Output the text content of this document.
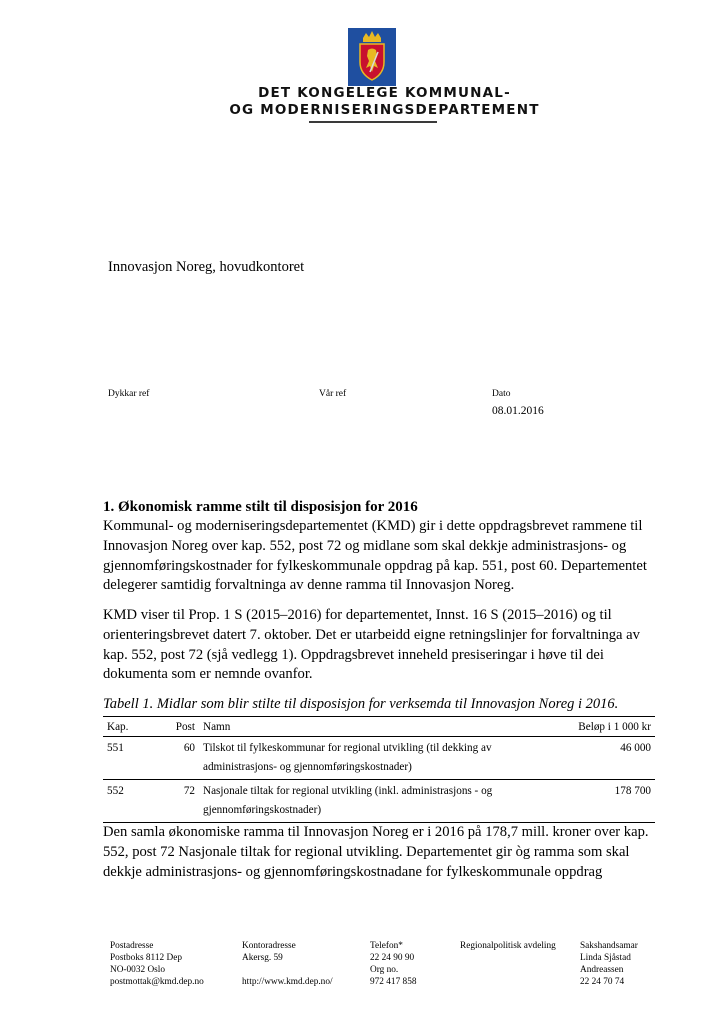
DET KONGELEGE KOMMUNAL-
OG MODERNISERINGSDEPARTEMENT
Innovasjon Noreg, hovudkontoret
Dykkar ref	Vår ref	Dato
08.01.2016
1. Økonomisk ramme stilt til disposisjon for 2016

Kommunal- og moderniseringsdepartementet (KMD) gir i dette oppdragsbrevet rammene til Innovasjon Noreg over kap. 552, post 72 og midlane som skal dekkje administrasjons- og gjennomføringskostnader for fylkeskommunale oppdrag på kap. 551, post 60. Departementet delegerer samtidig forvaltninga av denne ramma til Innovasjon Noreg.

KMD viser til Prop. 1 S (2015–2016) for departementet, Innst. 16 S (2015–2016) og til orienteringsbrevet datert 7. oktober. Det er utarbeidd eigne retningslinjer for forvaltninga av kap. 552, post 72 (sjå vedlegg 1). Oppdragsbrevet inneheld presiseringar i høve til dei dokumenta som er nemnde ovanfor.

Tabell 1. Midlar som blir stilte til disposisjon for verksemda til Innovasjon Noreg i 2016.
Kap.	Post	Namn	Beløp i 1 000 kr
551	60	Tilskot til fylkeskommunar for regional utvikling (til dekking av
administrasjons- og gjennomføringskostnader)	46 000
552	72	Nasjonale tiltak for regional utvikling (inkl. administrasjons - og
gjennomføringskostnader)	178 700

Den samla økonomiske ramma til Innovasjon Noreg er i 2016 på 178,7 mill. kroner over kap. 552, post 72 Nasjonale tiltak for regional utvikling. Departementet gir òg ramma som skal dekkje administrasjons- og gjennomføringskostnadane for fylkeskommunale oppdrag

Postadresse
Postboks 8112 Dep
NO-0032 Oslo
postmottak@kmd.dep.no
Kontoradresse
Akersg. 59

http://www.kmd.dep.no/
Telefon*
22 24 90 90
Org no.
972 417 858
Regionalpolitisk avdeling	Sakshandsamar
Linda Sjåstad
Andreassen
22 24 70 74
